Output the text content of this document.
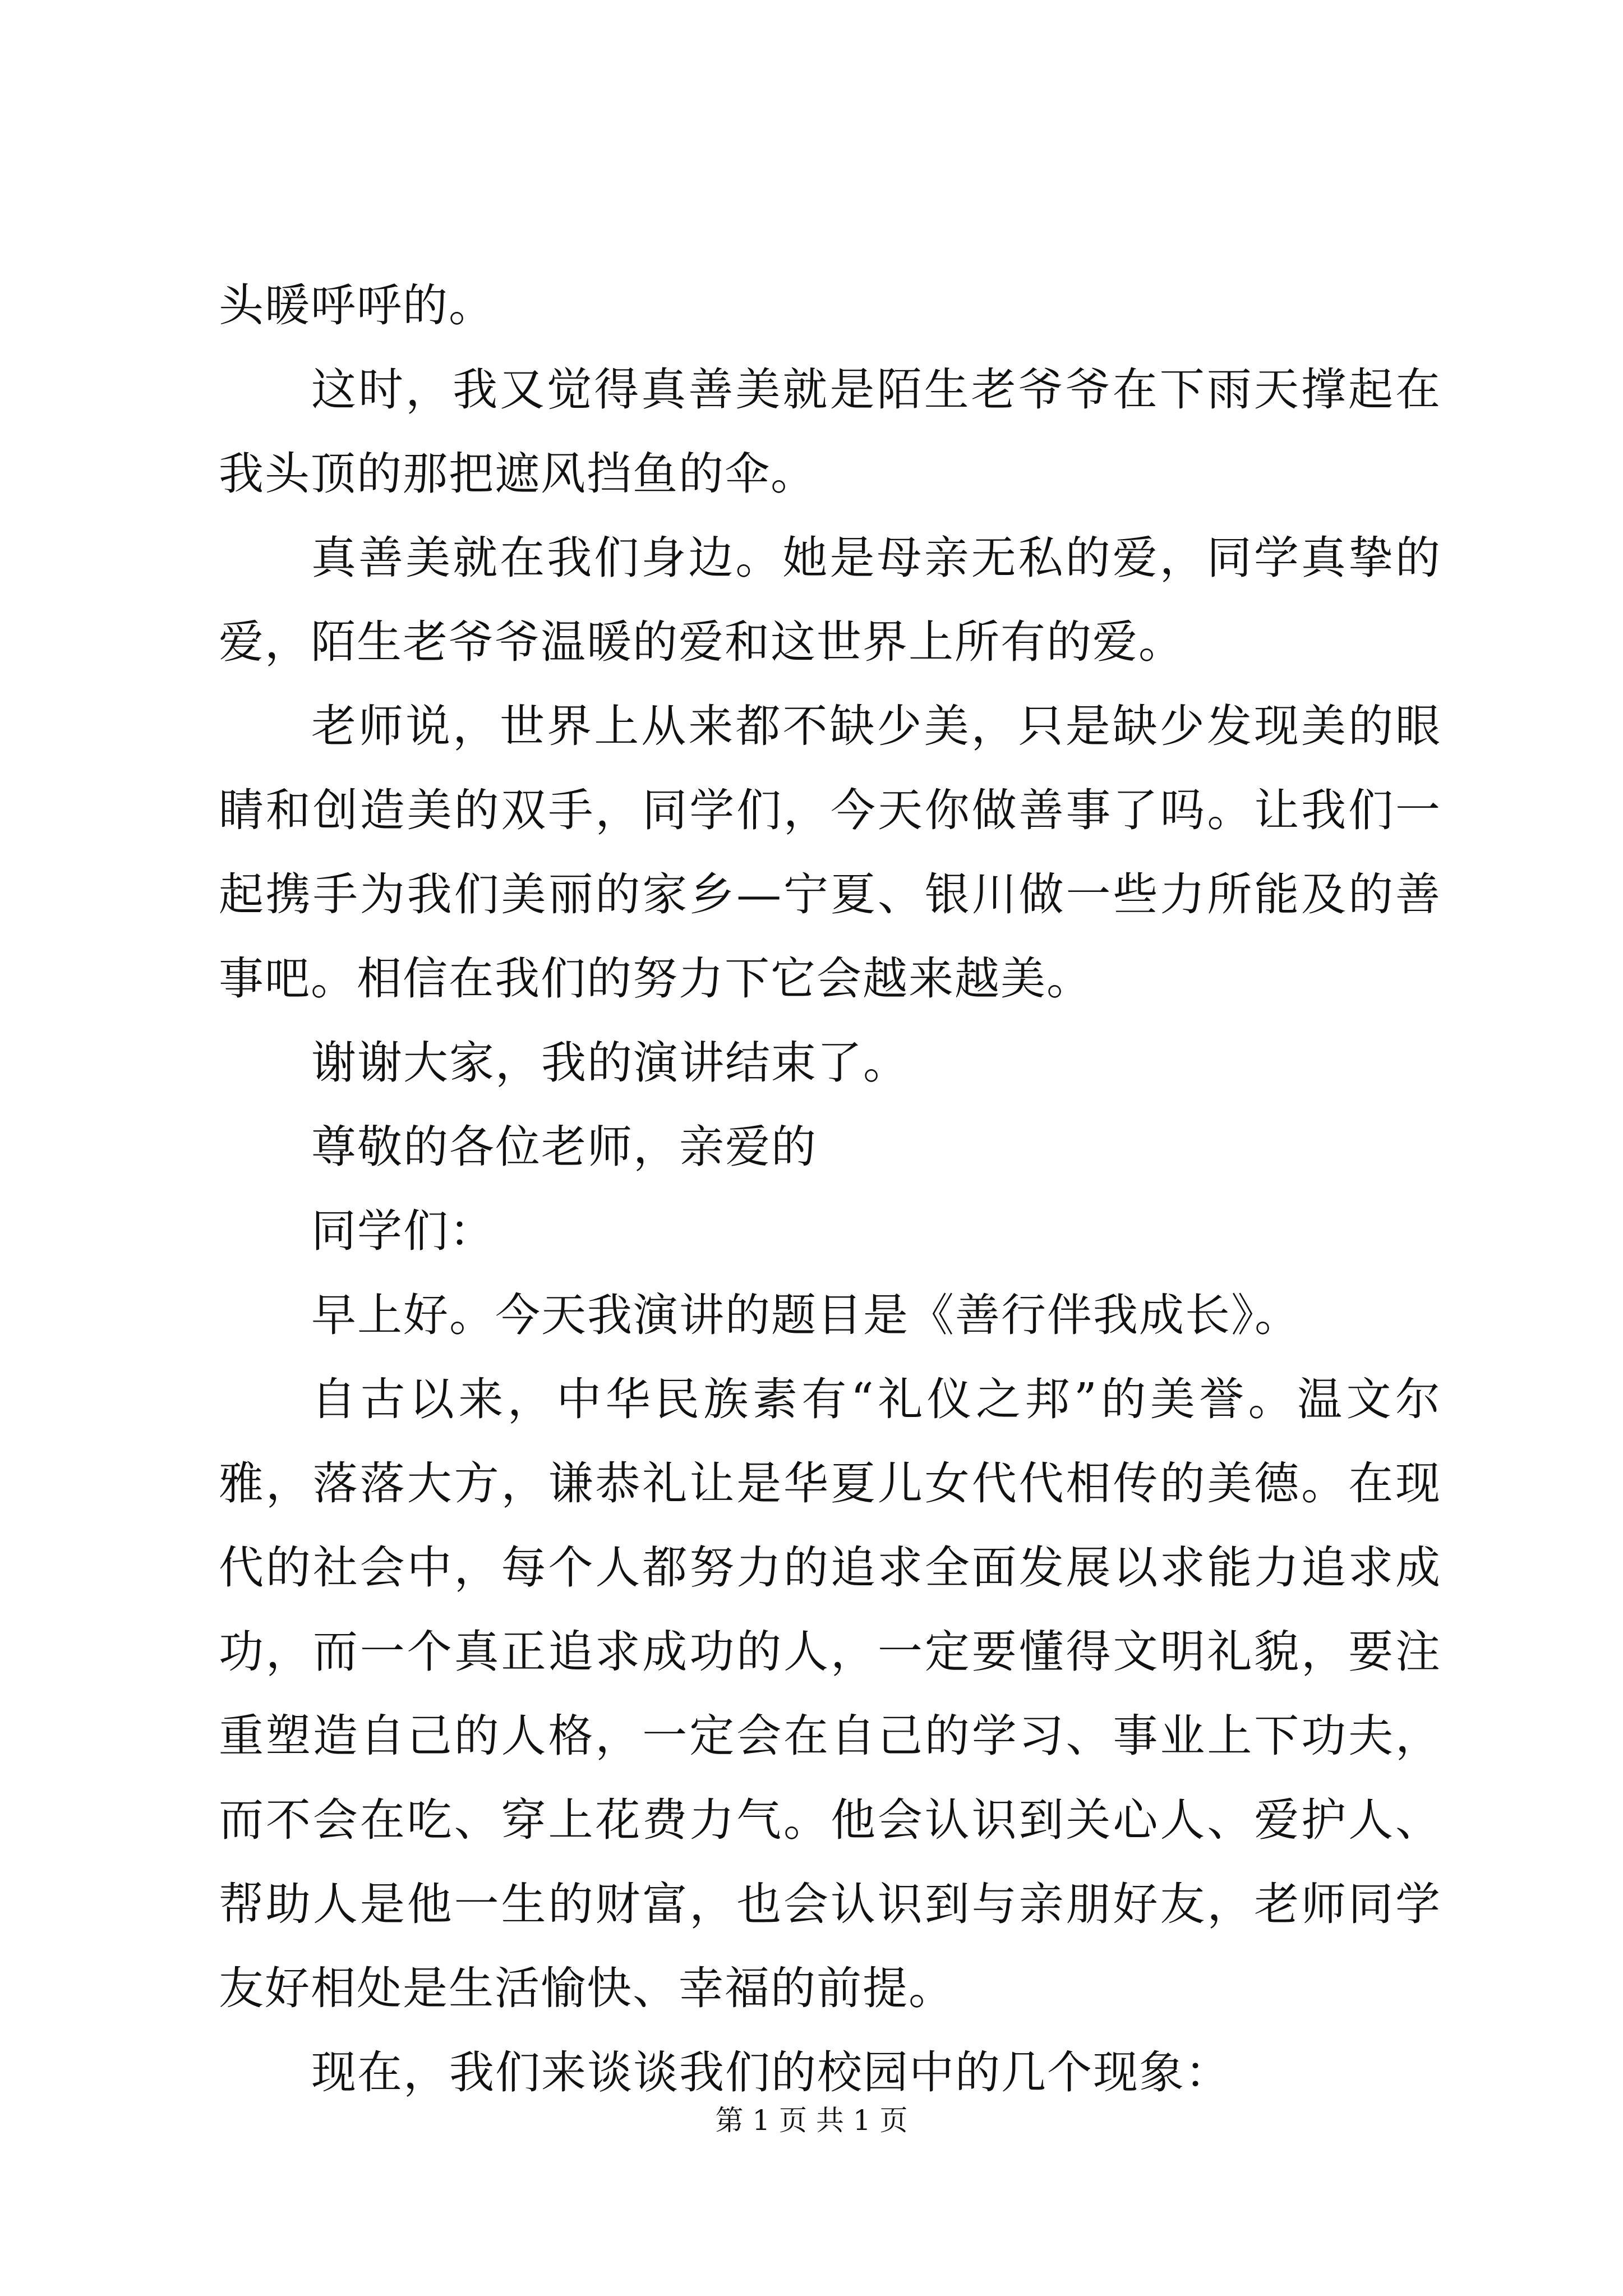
头暖呼呼的。

这时，我又觉得真善美就是陌生老爷爷在下雨天撑起在我头顶的那把遮风挡鱼的伞。

真善美就在我们身边。她是母亲无私的爱，同学真挚的爱，陌生老爷爷温暖的爱和这世界上所有的爱。

老师说，世界上从来都不缺少美，只是缺少发现美的眼睛和创造美的双手，同学们，今天你做善事了吗。让我们一起携手为我们美丽的家乡—宁夏、银川做一些力所能及的善事吧。相信在我们的努力下它会越来越美。

谢谢大家，我的演讲结束了。

尊敬的各位老师，亲爱的

同学们：

早上好。今天我演讲的题目是《善行伴我成长》。

自古以来，中华民族素有“礼仪之邦”的美誉。温文尔雅，落落大方，谦恭礼让是华夏儿女代代相传的美德。在现代的社会中，每个人都努力的追求全面发展以求能力追求成功，而一个真正追求成功的人，一定要懂得文明礼貌，要注重塑造自己的人格，一定会在自己的学习、事业上下功夫，而不会在吃、穿上花费力气。他会认识到关心人、爱护人、帮助人是他一生的财富，也会认识到与亲朋好友，老师同学友好相处是生活愉快、幸福的前提。

现在，我们来谈谈我们的校园中的几个现象：

第 1 页 共 1 页
